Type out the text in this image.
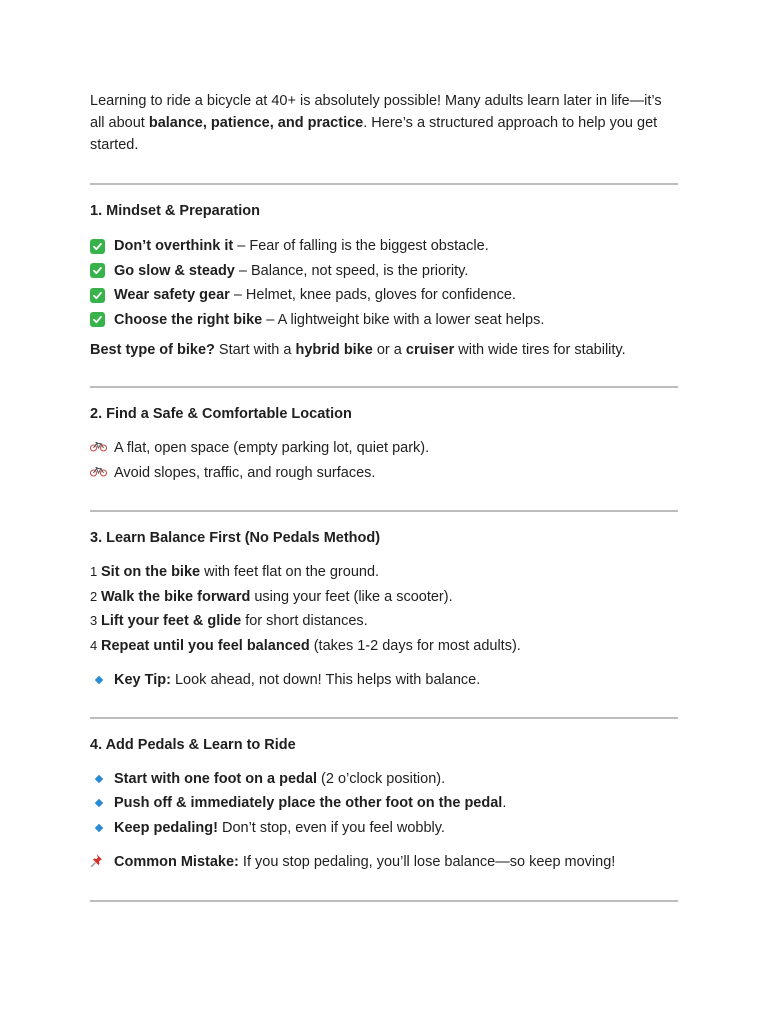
Learning to ride a bicycle at 40+ is absolutely possible! Many adults learn later in life—it’s all about balance, patience, and practice. Here’s a structured approach to help you get started.

1. Mindset & Preparation
Don’t overthink it – Fear of falling is the biggest obstacle.
Go slow & steady – Balance, not speed, is the priority.
Wear safety gear – Helmet, knee pads, gloves for confidence.
Choose the right bike – A lightweight bike with a lower seat helps.

Best type of bike? Start with a hybrid bike or a cruiser with wide tires for stability.

2. Find a Safe & Comfortable Location
A flat, open space (empty parking lot, quiet park).
Avoid slopes, traffic, and rough surfaces.
3. Learn Balance First (No Pedals Method)
1 Sit on the bike with feet flat on the ground.
2 Walk the bike forward using your feet (like a scooter).
3 Lift your feet & glide for short distances.
4 Repeat until you feel balanced (takes 1-2 days for most adults).
Key Tip: Look ahead, not down! This helps with balance.
4. Add Pedals & Learn to Ride
Start with one foot on a pedal (2 o’clock position).
Push off & immediately place the other foot on the pedal.
Keep pedaling! Don’t stop, even if you feel wobbly.
Common Mistake: If you stop pedaling, you’ll lose balance—so keep moving!
